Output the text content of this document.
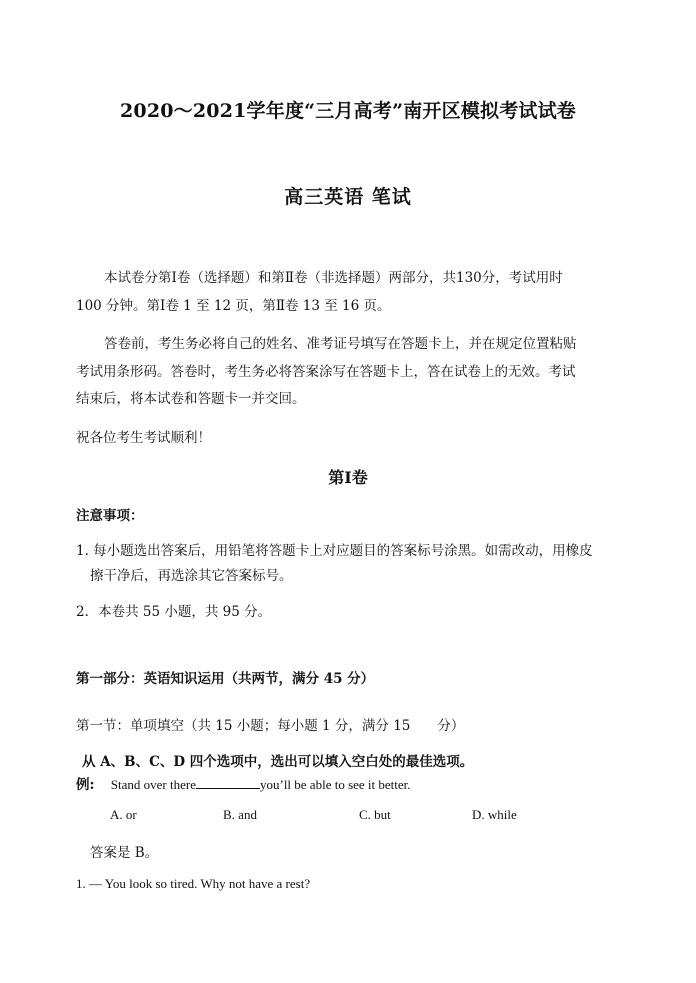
2020～2021学年度“三月高考”南开区模拟考试试卷
高三英语 笔试
本试卷分第Ⅰ卷（选择题）和第Ⅱ卷（非选择题）两部分，共130分，考试用时
100 分钟。第Ⅰ卷 1 至 12 页，第Ⅱ卷 13 至 16 页。
答卷前，考生务必将自己的姓名、准考证号填写在答题卡上，并在规定位置粘贴
考试用条形码。答卷时，考生务必将答案涂写在答题卡上，答在试卷上的无效。考试
结束后，将本试卷和答题卡一并交回。
祝各位考生考试顺利！
第Ⅰ卷
注意事项：
1. 每小题选出答案后，用铅笔将答题卡上对应题目的答案标号涂黑。如需改动，用橡皮
擦干净后，再选涂其它答案标号。
2．本卷共 55 小题，共 95 分。
第一部分：英语知识运用（共两节，满分 45 分）
第一节：单项填空（共 15 小题；每小题 1 分，满分 15　　分）
从 A、B、C、D 四个选项中，选出可以填入空白处的最佳选项。
例: Stand over there	you’ll be able to see it better.
A. or	B. and	C. but	D. while
答案是 B。
1. — You look so tired. Why not have a rest?
